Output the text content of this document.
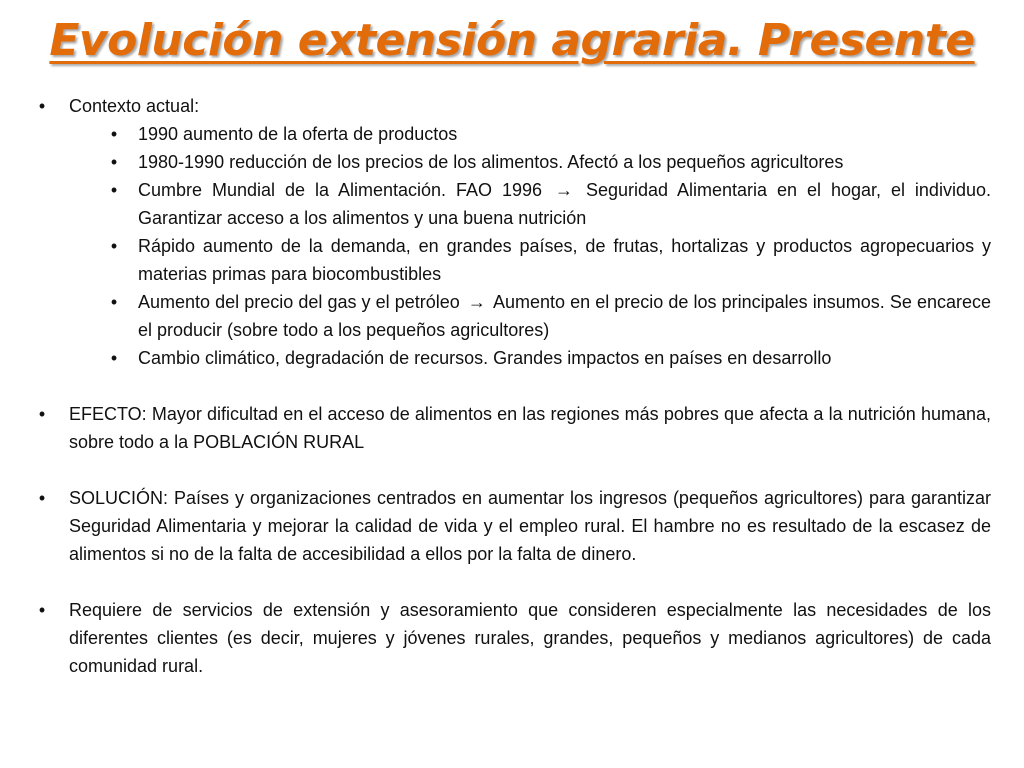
Evolución extensión agraria. Presente
• Contexto actual:
• 1990 aumento de la oferta de productos
• 1980-1990 reducción de los precios de los alimentos. Afectó a los pequeños agricultores
• Cumbre Mundial de la Alimentación. FAO 1996 → Seguridad Alimentaria en el hogar, el individuo. Garantizar acceso a los alimentos y una buena nutrición
• Rápido aumento de la demanda, en grandes países, de frutas, hortalizas y productos agropecuarios y materias primas para biocombustibles
• Aumento del precio del gas y el petróleo → Aumento en el precio de los principales insumos. Se encarece el producir (sobre todo a los pequeños agricultores)
• Cambio climático, degradación de recursos. Grandes impactos en países en desarrollo
• EFECTO: Mayor dificultad en el acceso de alimentos en las regiones más pobres que afecta a la nutrición humana, sobre todo a la POBLACIÓN RURAL
• SOLUCIÓN: Países y organizaciones centrados en aumentar los ingresos (pequeños agricultores) para garantizar Seguridad Alimentaria y mejorar la calidad de vida y el empleo rural. El hambre no es resultado de la escasez de alimentos si no de la falta de accesibilidad a ellos por la falta de dinero.
• Requiere de servicios de extensión y asesoramiento que consideren especialmente las necesidades de los diferentes clientes (es decir, mujeres y jóvenes rurales, grandes, pequeños y medianos agricultores) de cada comunidad rural.
